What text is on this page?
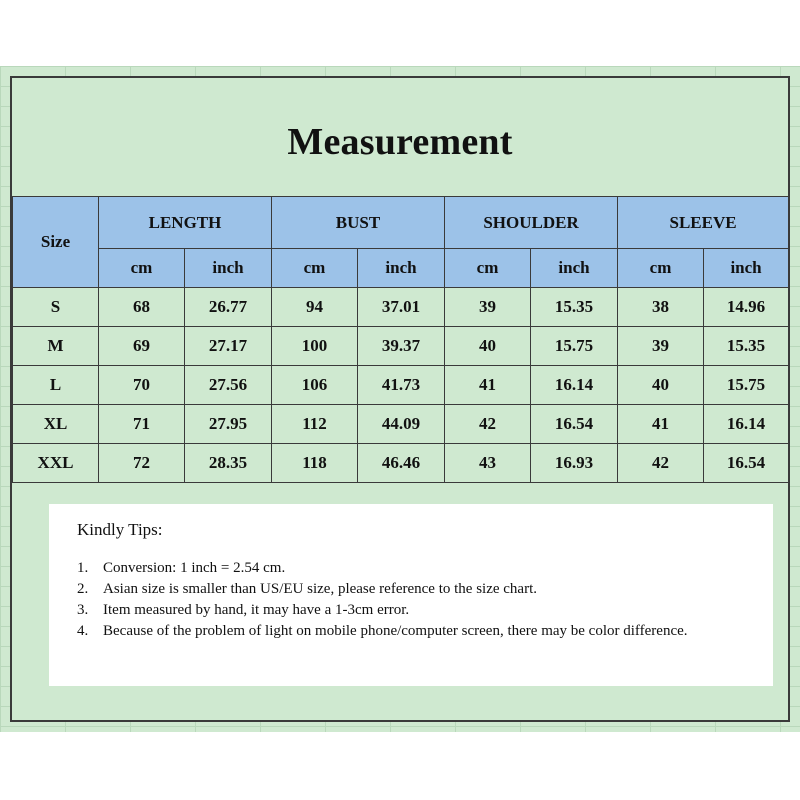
Measurement
Size	LENGTH		BUST		SHOULDER		SLEEVE	
	cm	inch	cm	inch	cm	inch	cm	inch
S	68	26.77	94	37.01	39	15.35	38	14.96
M	69	27.17	100	39.37	40	15.75	39	15.35
L	70	27.56	106	41.73	41	16.14	40	15.75
XL	71	27.95	112	44.09	42	16.54	41	16.14
XXL	72	28.35	118	46.46	43	16.93	42	16.54
Kindly Tips:
1. Conversion: 1 inch = 2.54 cm.
2. Asian size is smaller than US/EU size, please reference to the size chart.
3. Item measured by hand, it may have a 1-3cm error.
4. Because of the problem of light on mobile phone/computer screen, there may be color difference.
